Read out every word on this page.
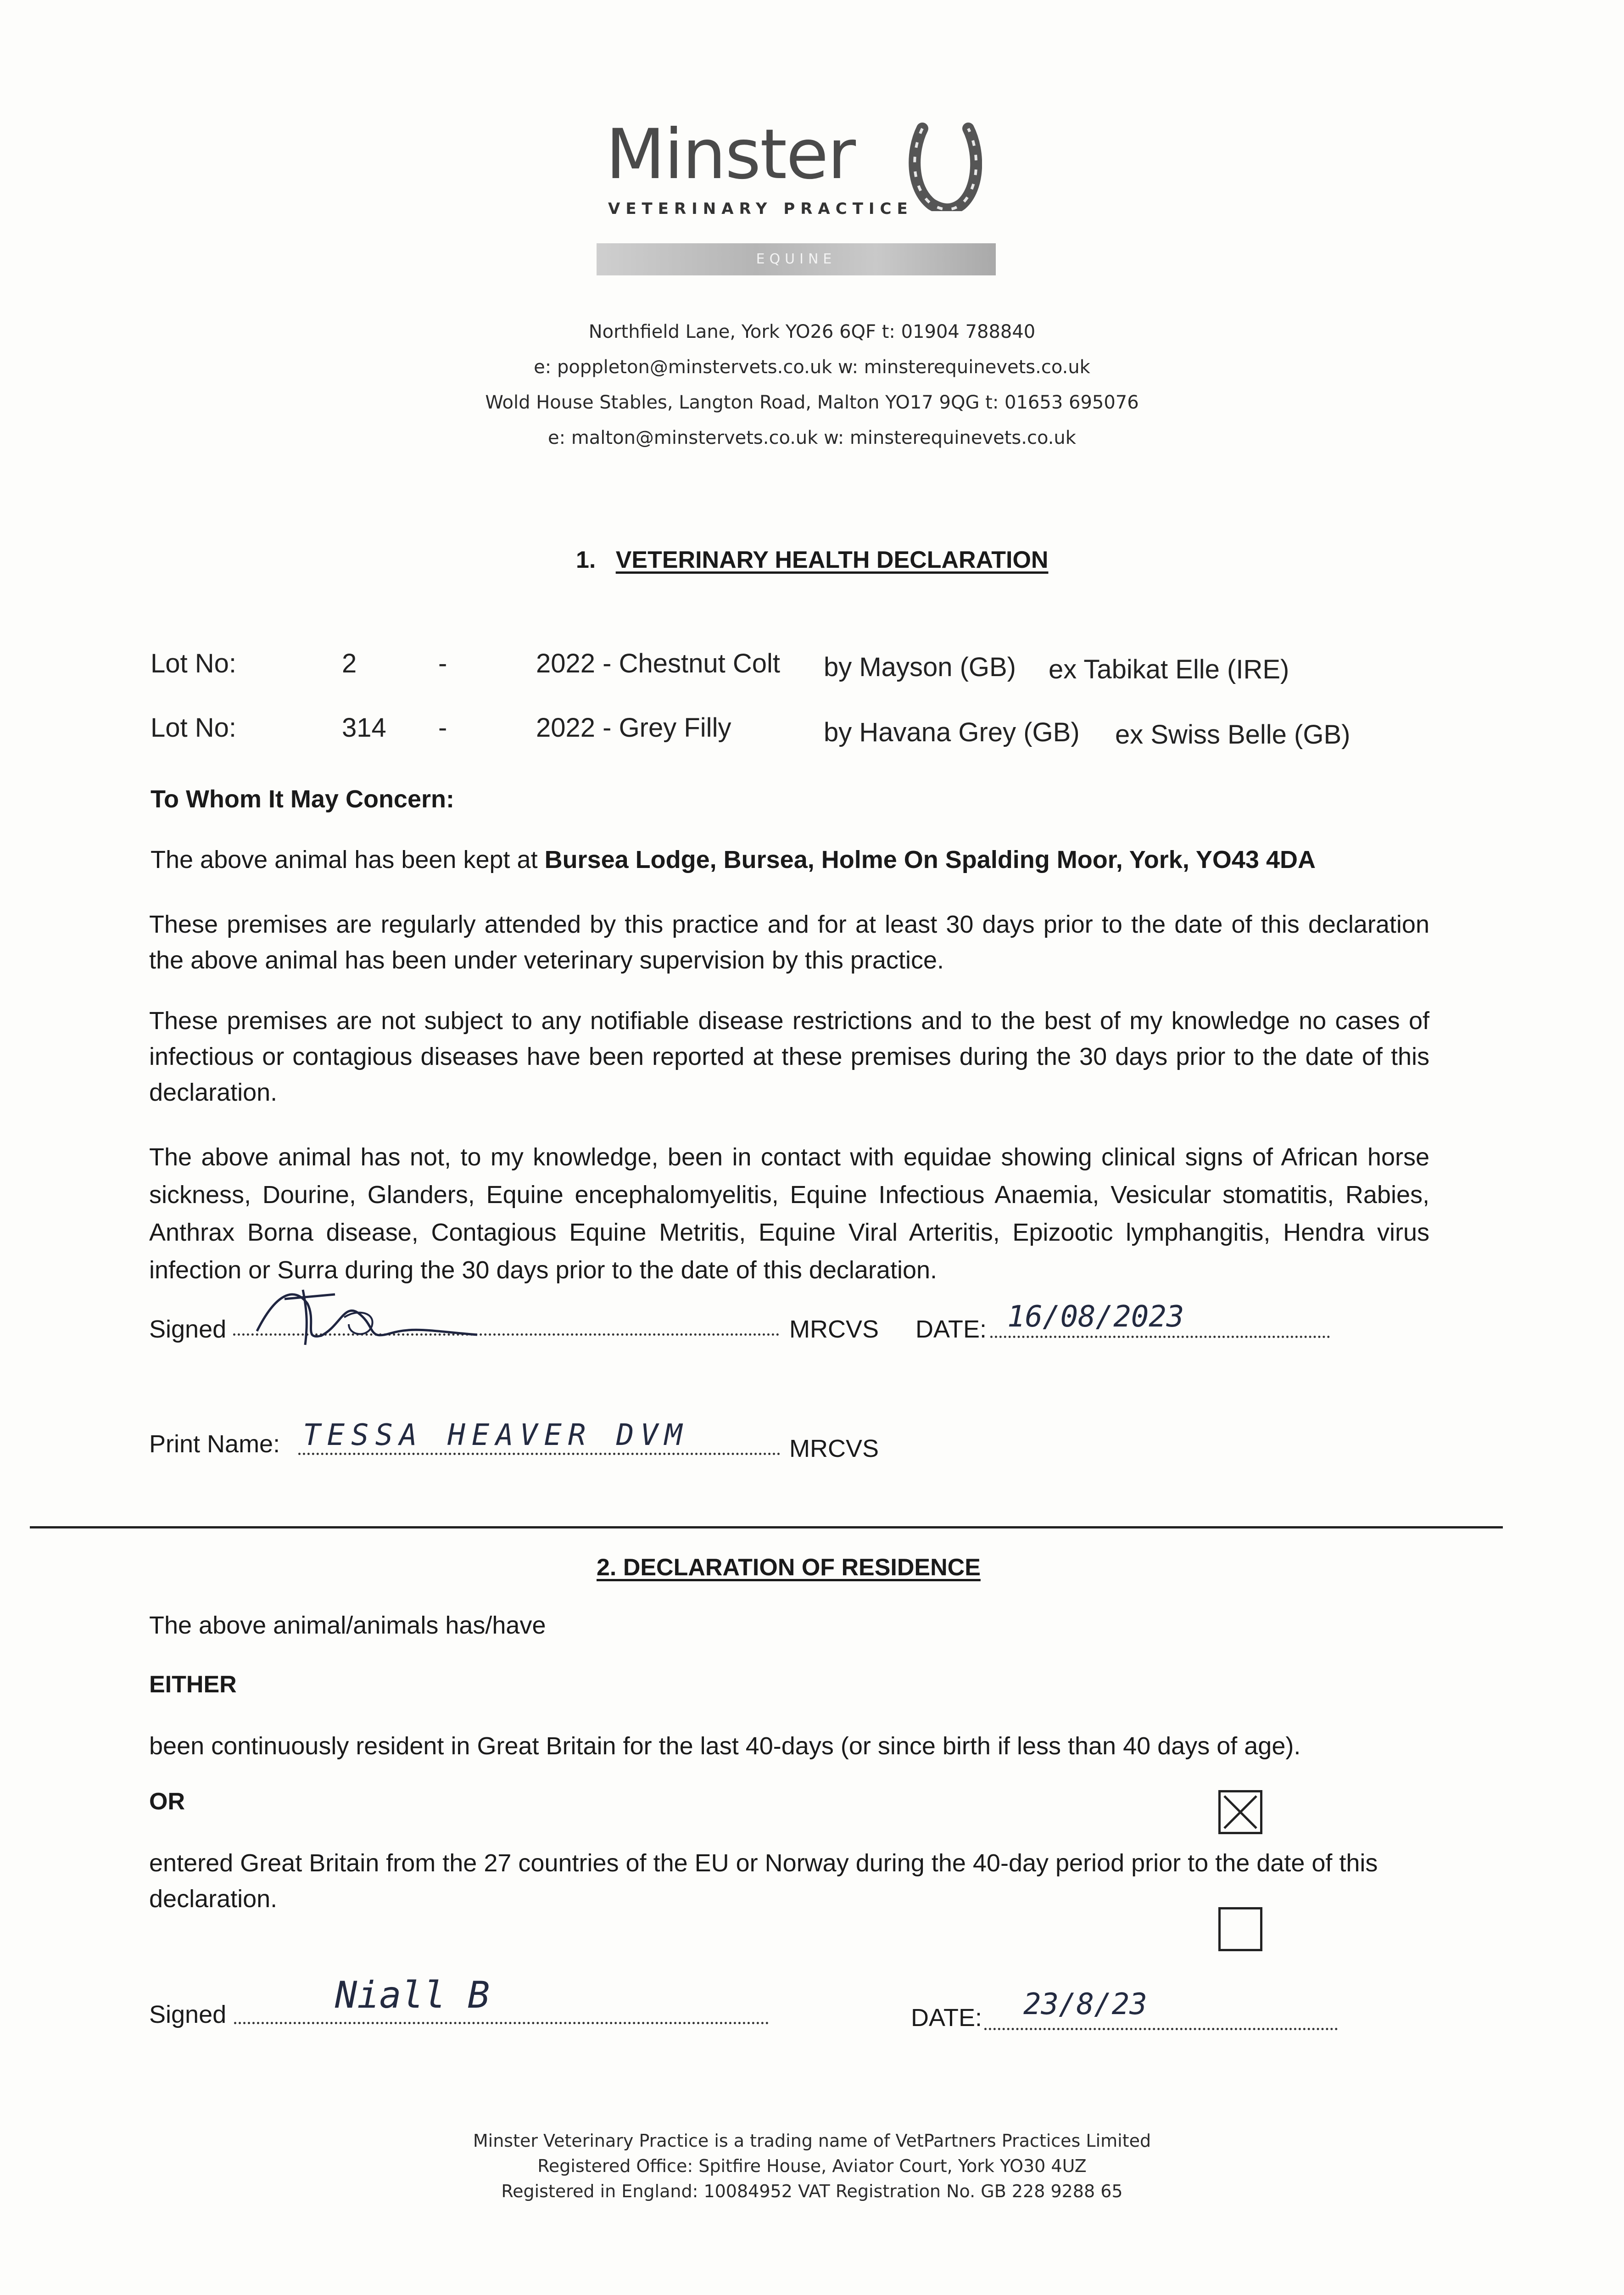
Minster
VETERINARY PRACTICE
EQUINE
Northfield Lane, York YO26 6QF t: 01904 788840
e: poppleton@minstervets.co.uk w: minsterequinevets.co.uk
Wold House Stables, Langton Road, Malton YO17 9QG t: 01653 695076
e: malton@minstervets.co.uk w: minsterequinevets.co.uk
1. VETERINARY HEALTH DECLARATION
Lot No:	2	-	2022 - Chestnut Colt by Mayson (GB) ex Tabikat Elle (IRE)
Lot No:	314 -	2022 - Grey Filly	by Havana Grey (GB) ex Swiss Belle (GB)
To Whom It May Concern:
The above animal has been kept at Bursea Lodge, Bursea, Holme On Spalding Moor, York, YO43 4DA
These premises are regularly attended by this practice and for at least 30 days prior to the date of this declaration the above animal has been under veterinary supervision by this practice.
These premises are not subject to any notifiable disease restrictions and to the best of my knowledge no cases of infectious or contagious diseases have been reported at these premises during the 30 days prior to the date of this declaration.
The above animal has not, to my knowledge, been in contact with equidae showing clinical signs of African horse sickness, Dourine, Glanders, Equine encephalomyelitis, Equine Infectious Anaemia, Vesicular stomatitis, Rabies, Anthrax Borna disease, Contagious Equine Metritis, Equine Viral Arteritis, Epizootic lymphangitis, Hendra virus infection or Surra during the 30 days prior to the date of this declaration.
Signed	MRCVS DATE: 16/08/2023
Print Name: TESSA HEAVER DVM	MRCVS
2. DECLARATION OF RESIDENCE
The above animal/animals has/have
EITHER
been continuously resident in Great Britain for the last 40-days (or since birth if less than 40 days of age).
OR
entered Great Britain from the 27 countries of the EU or Norway during the 40-day period prior to the date of this declaration.
Signed	Niall B
DATE: 23/8/23
Minster Veterinary Practice is a trading name of VetPartners Practices Limited
Registered Office: Spitfire House, Aviator Court, York YO30 4UZ
Registered in England: 10084952 VAT Registration No. GB 228 9288 65
